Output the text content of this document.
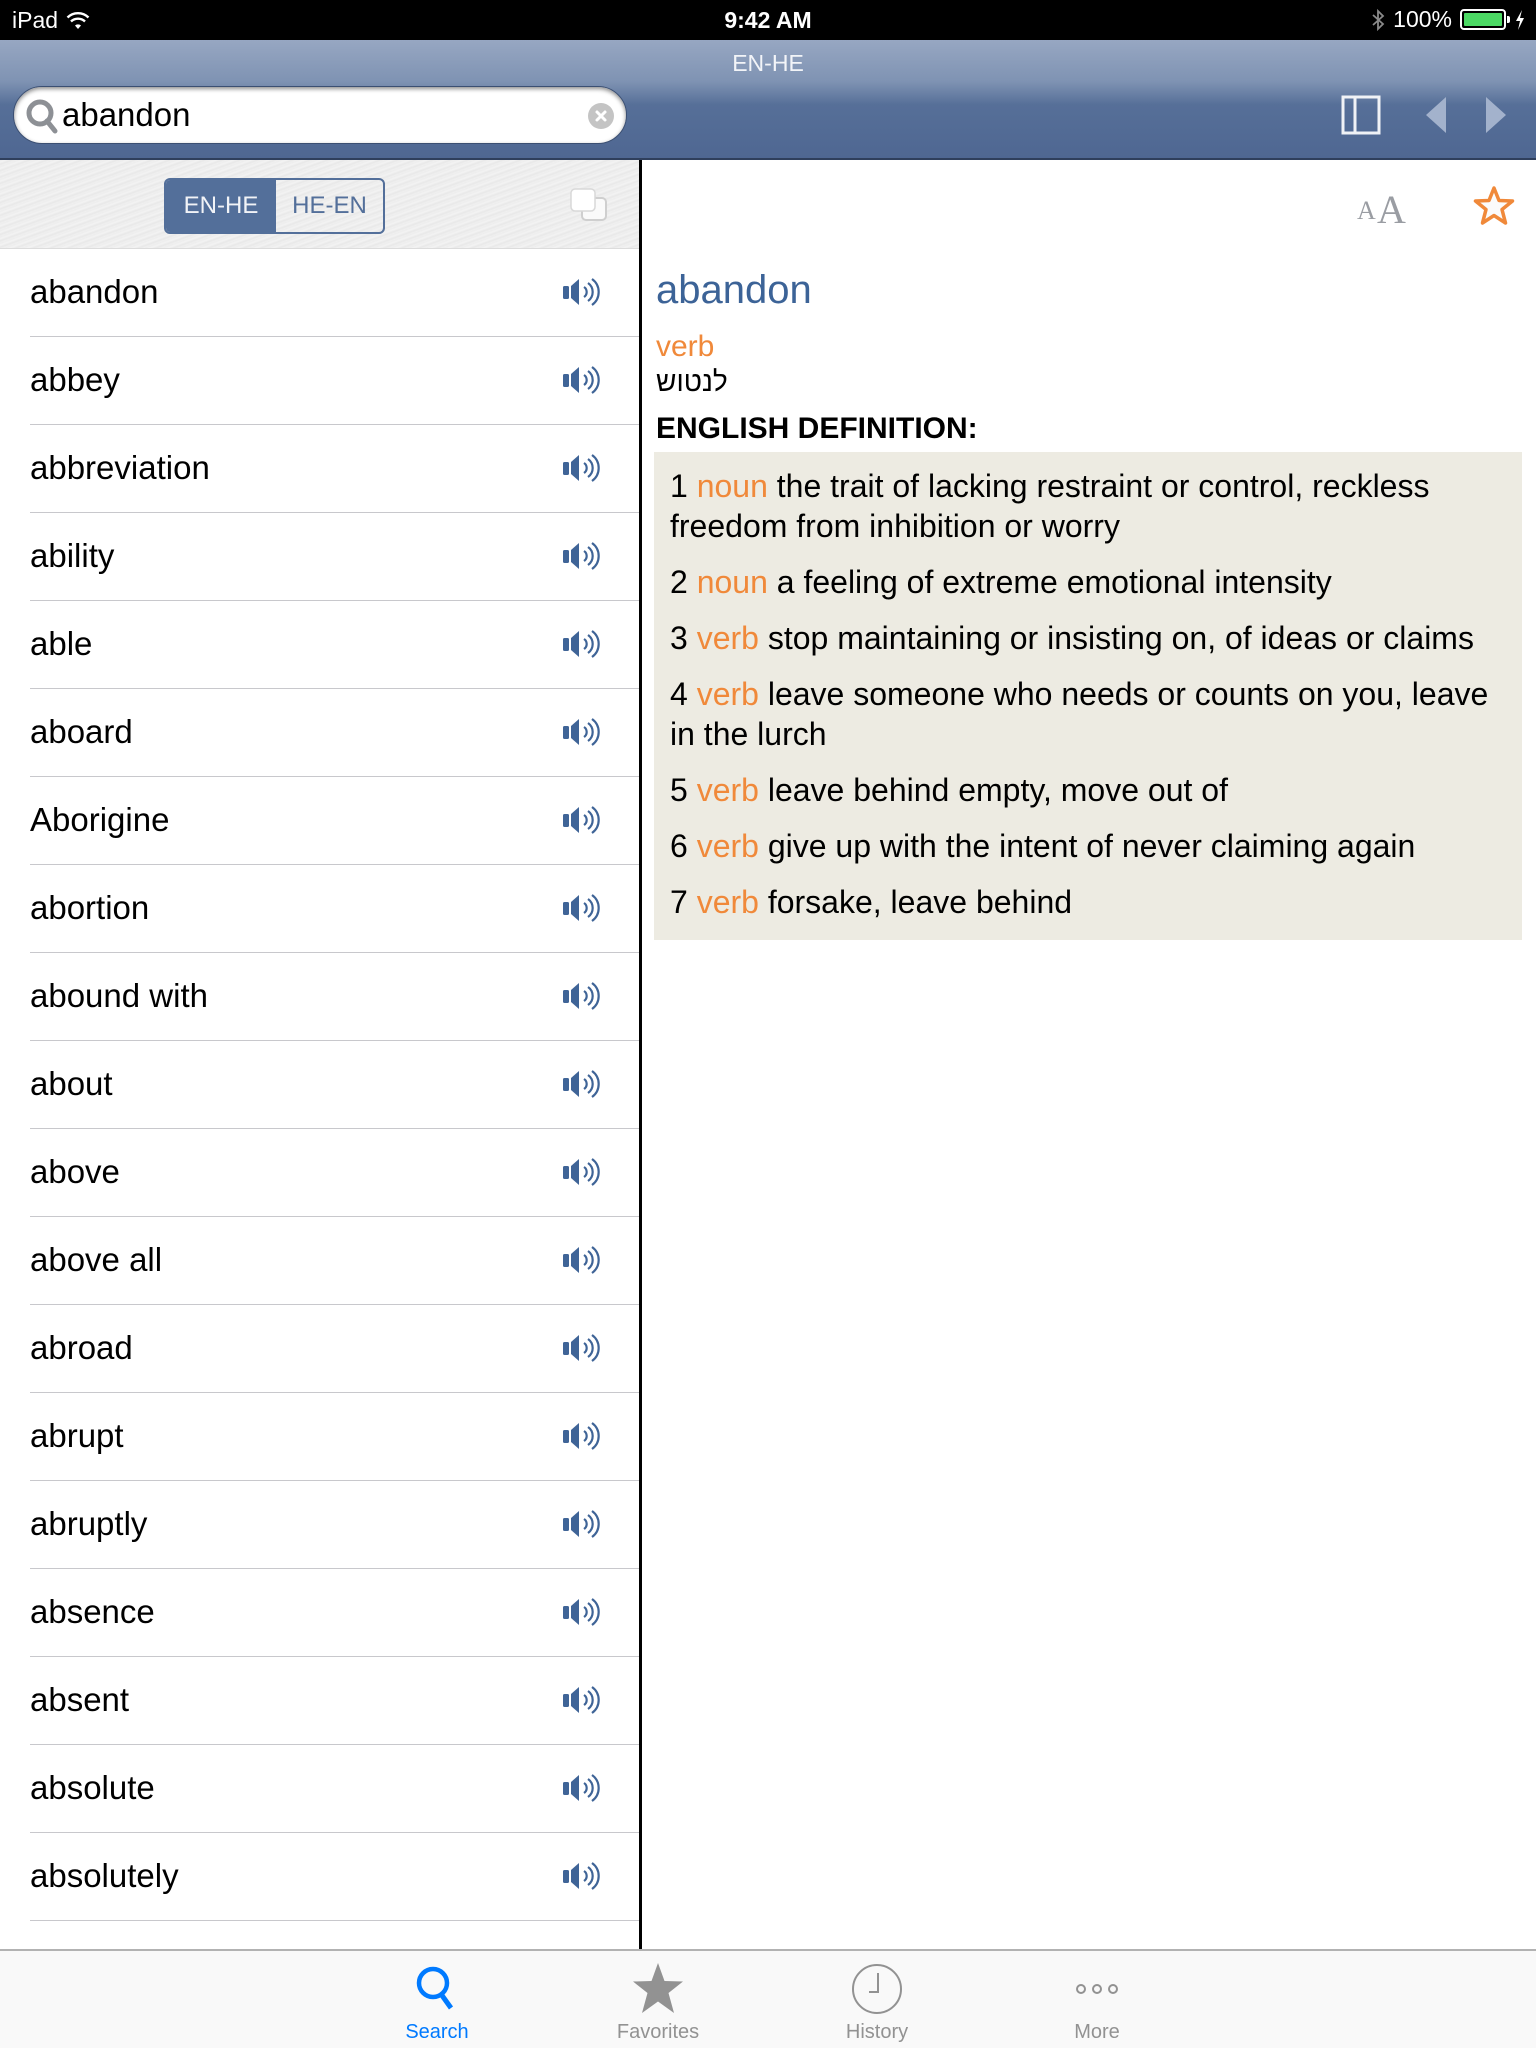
iPad	9:42 AM	100%
EN-HE
abandon
EN-HE	HE-EN
abandon
abbey
abbreviation
ability
able
aboard
Aborigine
abortion
abound with
about
above
above all
abroad
abrupt
abruptly
absence
absent
absolute
absolutely
A A
abandon
verb
לנטוש
ENGLISH DEFINITION:
1 noun the trait of lacking restraint or control, reckless freedom from inhibition or worry
2 noun a feeling of extreme emotional intensity
3 verb stop maintaining or insisting on, of ideas or claims
4 verb leave someone who needs or counts on you, leave in the lurch
5 verb leave behind empty, move out of
6 verb give up with the intent of never claiming again
7 verb forsake, leave behind
Search	Favorites	History	More
